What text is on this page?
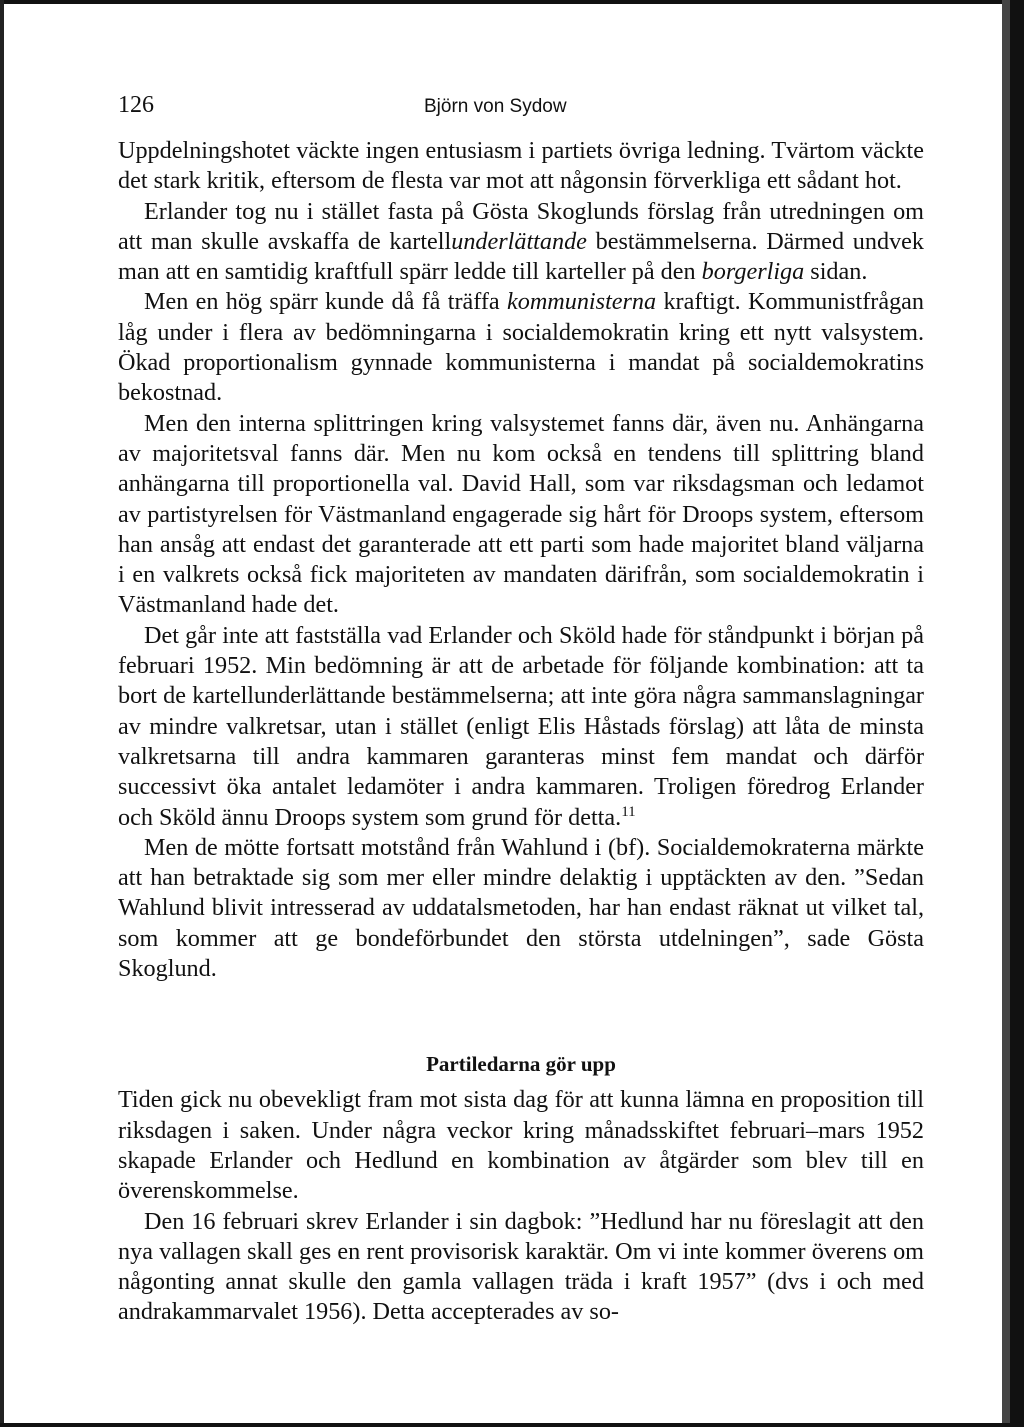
126	Björn von Sydow

Uppdelningshotet väckte ingen entusiasm i partiets övriga ledning. Tvärtom väckte det stark kritik, eftersom de flesta var mot att någonsin förverkliga ett sådant hot.

Erlander tog nu i stället fasta på Gösta Skoglunds förslag från utredningen om att man skulle avskaffa de kartellunderlättande bestämmelserna. Därmed undvek man att en samtidig kraftfull spärr ledde till karteller på den borgerliga sidan.

Men en hög spärr kunde då få träffa kommunisterna kraftigt. Kommunistfrågan låg under i flera av bedömningarna i socialdemokratin kring ett nytt valsystem. Ökad proportionalism gynnade kommunisterna i mandat på socialdemokratins bekostnad.

Men den interna splittringen kring valsystemet fanns där, även nu. Anhängarna av majoritetsval fanns där. Men nu kom också en tendens till splittring bland anhängarna till proportionella val. David Hall, som var riksdagsman och ledamot av partistyrelsen för Västmanland engagerade sig hårt för Droops system, eftersom han ansåg att endast det garanterade att ett parti som hade majoritet bland väljarna i en valkrets också fick majoriteten av mandaten därifrån, som socialdemokratin i Västmanland hade det.

Det går inte att fastställa vad Erlander och Sköld hade för ståndpunkt i början på februari 1952. Min bedömning är att de arbetade för följande kombination: att ta bort de kartellunderlättande bestämmelserna; att inte göra några sammanslagningar av mindre valkretsar, utan i stället (enligt Elis Håstads förslag) att låta de minsta valkretsarna till andra kammaren garanteras minst fem mandat och därför successivt öka antalet ledamöter i andra kammaren. Troligen föredrog Erlander och Sköld ännu Droops system som grund för detta.$^{11}$

Men de mötte fortsatt motstånd från Wahlund i (bf). Socialdemokraterna märkte att han betraktade sig som mer eller mindre delaktig i upptäckten av den. ”Sedan Wahlund blivit intresserad av uddatalsmetoden, har han endast räknat ut vilket tal, som kommer att ge bondeförbundet den största utdelningen”, sade Gösta Skoglund.

Partiledarna gör upp

Tiden gick nu obevekligt fram mot sista dag för att kunna lämna en proposition till riksdagen i saken. Under några veckor kring månadsskiftet februari–mars 1952 skapade Erlander och Hedlund en kombination av åtgärder som blev till en överenskommelse.

Den 16 februari skrev Erlander i sin dagbok: ”Hedlund har nu föreslagit att den nya vallagen skall ges en rent provisorisk karaktär. Om vi inte kommer överens om någonting annat skulle den gamla vallagen träda i kraft 1957” (dvs i och med andrakammarvalet 1956). Detta accepterades av so-
